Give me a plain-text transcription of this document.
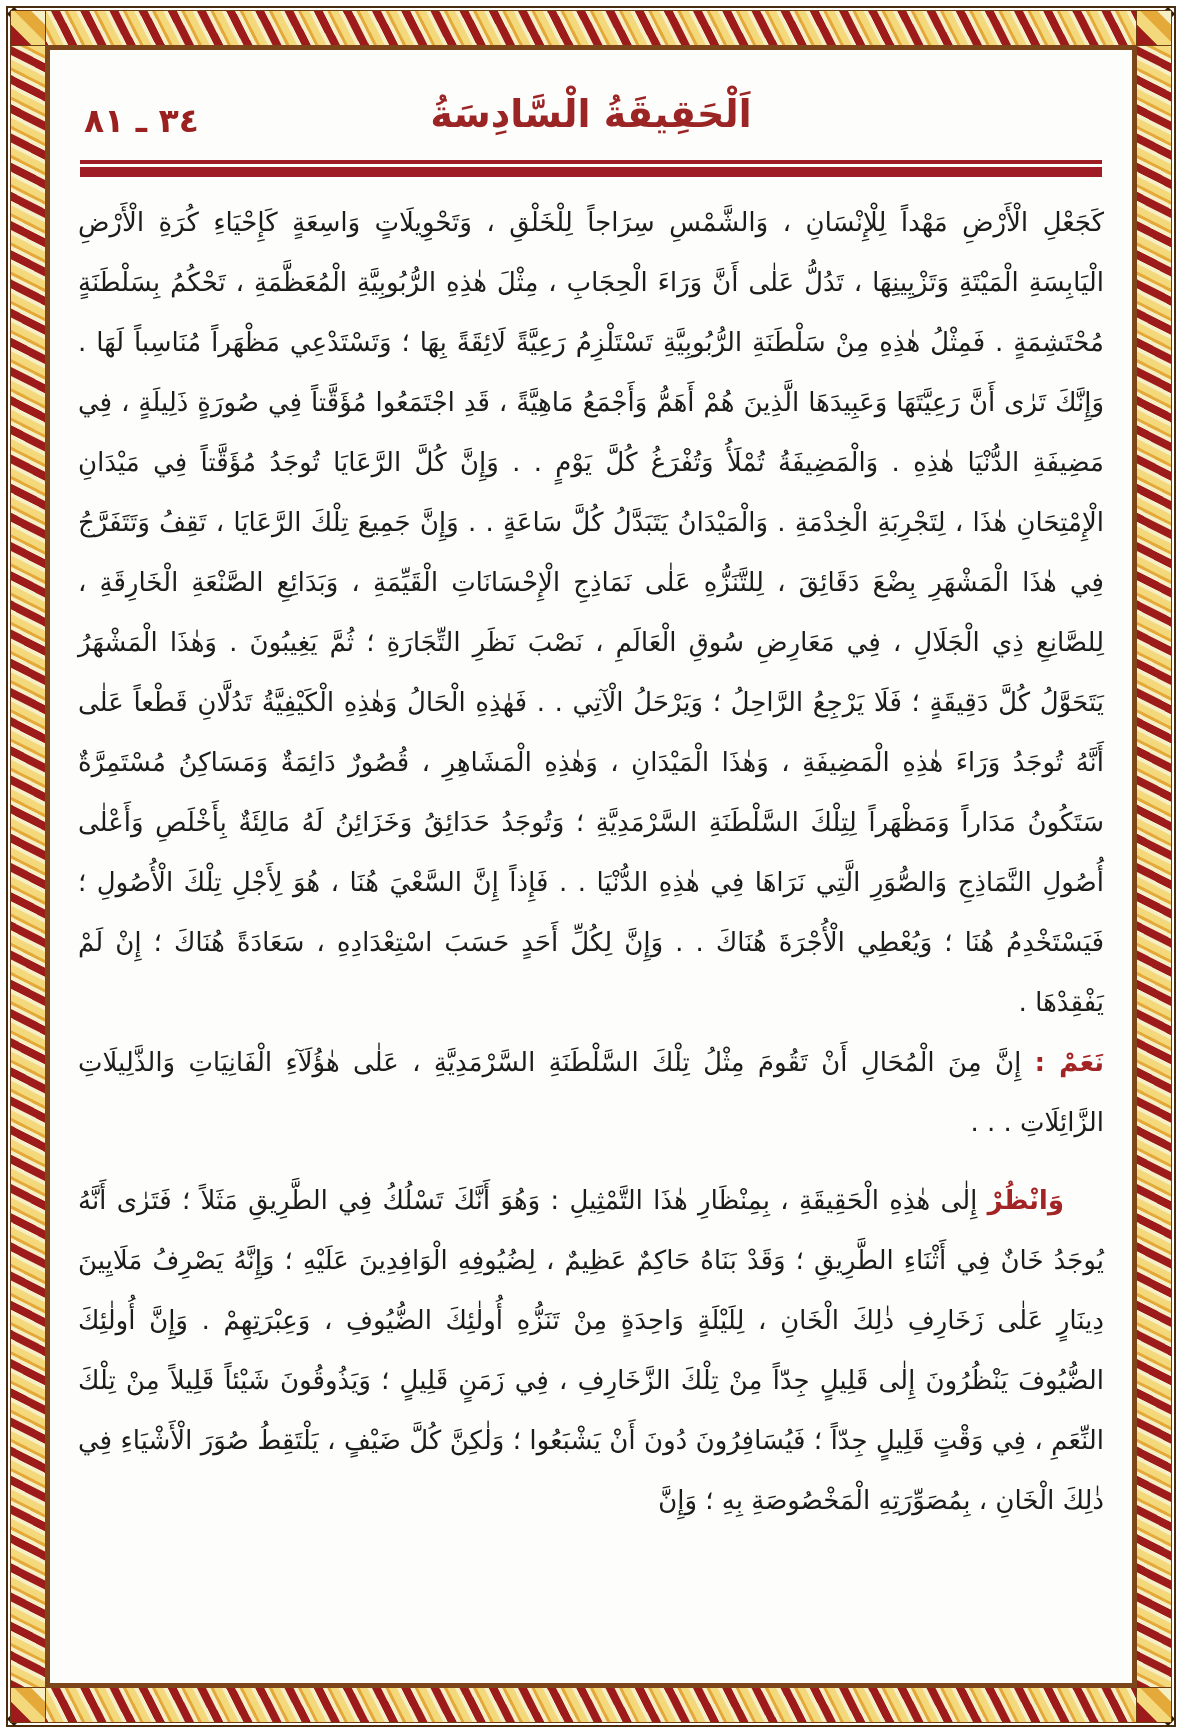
اَلْحَقِيقَةُ الْسَّادِسَةُ
٣٤ ـ ٨١

كَجَعْلِ الْأَرْضِ مَهْداً لِلْإِنْسَانِ ، وَالشَّمْسِ سِرَاجاً لِلْخَلْقِ ، وَتَحْوِيلَاتٍ وَاسِعَةٍ كَإِحْيَاءِ كُرَةِ الْأَرْضِ الْيَابِسَةِ الْمَيْتَةِ وَتَزْيِينِهَا ، تَدُلُّ عَلٰى أَنَّ وَرَاءَ الْحِجَابِ ، مِثْلَ هٰذِهِ الرُّبُوبِيَّةِ الْمُعَظَّمَةِ ، تَحْكُمُ بِسَلْطَنَةٍ مُحْتَشِمَةٍ . فَمِثْلُ هٰذِهِ مِنْ سَلْطَنَةِ الرُّبُوبِيَّةِ تَسْتَلْزِمُ رَعِيَّةً لَائِقَةً بِهَا ؛ وَتَسْتَدْعِي مَظْهَراً مُنَاسِباً لَهَا . وَإِنَّكَ تَرٰى أَنَّ رَعِيَّتَهَا وَعَبِيدَهَا الَّذِينَ هُمْ أَهَمُّ وَأَجْمَعُ مَاهِيَّةً ، قَدِ اجْتَمَعُوا مُؤَقَّتاً فِي صُورَةٍ ذَلِيلَةٍ ، فِي مَضِيفَةِ الدُّنْيَا هٰذِهِ . وَالْمَضِيفَةُ تُمْلَأُ وَتُفْرَغُ كُلَّ يَوْمٍ . . وَإِنَّ كُلَّ الرَّعَايَا تُوجَدُ مُؤَقَّتاً فِي مَيْدَانِ الْإِمْتِحَانِ هٰذَا ، لِتَجْرِبَةِ الْخِدْمَةِ . وَالْمَيْدَانُ يَتَبَدَّلُ كُلَّ سَاعَةٍ . . وَإِنَّ جَمِيعَ تِلْكَ الرَّعَايَا ، تَقِفُ وَتَتَفَرَّجُ فِي هٰذَا الْمَشْهَرِ بِضْعَ دَقَائِقَ ، لِلتَّنَزُّهِ عَلٰى نَمَاذِجِ الْإِحْسَانَاتِ الْقَيِّمَةِ ، وَبَدَائِعِ الصَّنْعَةِ الْخَارِقَةِ ، لِلصَّانِعِ ذِي الْجَلَالِ ، فِي مَعَارِضِ سُوقِ الْعَالَمِ ، نَصْبَ نَظَرِ التِّجَارَةِ ؛ ثُمَّ يَغِيبُونَ . وَهٰذَا الْمَشْهَرُ يَتَحَوَّلُ كُلَّ دَقِيقَةٍ ؛ فَلَا يَرْجِعُ الرَّاحِلُ ؛ وَيَرْحَلُ الْآتِي . . فَهٰذِهِ الْحَالُ وَهٰذِهِ الْكَيْفِيَّةُ تَدُلَّانِ قَطْعاً عَلٰى أَنَّهُ تُوجَدُ وَرَاءَ هٰذِهِ الْمَضِيفَةِ ، وَهٰذَا الْمَيْدَانِ ، وَهٰذِهِ الْمَشَاهِرِ ، قُصُورٌ دَائِمَةٌ وَمَسَاكِنُ مُسْتَمِرَّةٌ سَتَكُونُ مَدَاراً وَمَظْهَراً لِتِلْكَ السَّلْطَنَةِ السَّرْمَدِيَّةِ ؛ وَتُوجَدُ حَدَائِقُ وَخَزَائِنُ لَهُ مَالِئَةٌ بِأَخْلَصِ وَأَعْلٰى أُصُولِ النَّمَاذِجِ وَالصُّوَرِ الَّتِي نَرَاهَا فِي هٰذِهِ الدُّنْيَا . . فَإِذاً إِنَّ السَّعْيَ هُنَا ، هُوَ لِأَجْلِ تِلْكَ الْأُصُولِ ؛ فَيَسْتَخْدِمُ هُنَا ؛ وَيُعْطِي الْأُجْرَةَ هُنَاكَ . . وَإِنَّ لِكُلِّ أَحَدٍ حَسَبَ اسْتِعْدَادِهِ ، سَعَادَةً هُنَاكَ ؛ إِنْ لَمْ يَفْقِدْهَا .

نَعَمْ : إِنَّ مِنَ الْمُحَالِ أَنْ تَقُومَ مِثْلُ تِلْكَ السَّلْطَنَةِ السَّرْمَدِيَّةِ ، عَلٰى هٰؤُلَآءِ الْفَانِيَاتِ وَالذَّلِيلَاتِ الزَّائِلَاتِ . . .

وَانْظُرْ إِلٰى هٰذِهِ الْحَقِيقَةِ ، بِمِنْظَارِ هٰذَا التَّمْثِيلِ : وَهُوَ أَنَّكَ تَسْلُكُ فِي الطَّرِيقِ مَثَلاً ؛ فَتَرٰى أَنَّهُ يُوجَدُ خَانٌ فِي أَثْنَاءِ الطَّرِيقِ ؛ وَقَدْ بَنَاهُ حَاكِمٌ عَظِيمٌ ، لِضُيُوفِهِ الْوَافِدِينَ عَلَيْهِ ؛ وَإِنَّهُ يَصْرِفُ مَلَايِينَ دِينَارٍ عَلٰى زَخَارِفِ ذٰلِكَ الْخَانِ ، لِلَيْلَةٍ وَاحِدَةٍ مِنْ تَنَزُّهِ أُولٰئِكَ الضُّيُوفِ ، وَعِبْرَتِهِمْ . وَإِنَّ أُولٰئِكَ الضُّيُوفَ يَنْظُرُونَ إِلٰى قَلِيلٍ جِدّاً مِنْ تِلْكَ الزَّخَارِفِ ، فِي زَمَنٍ قَلِيلٍ ؛ وَيَذُوقُونَ شَيْئاً قَلِيلاً مِنْ تِلْكَ النِّعَمِ ، فِي وَقْتٍ قَلِيلٍ جِدّاً ؛ فَيُسَافِرُونَ دُونَ أَنْ يَشْبَعُوا ؛ وَلٰكِنَّ كُلَّ ضَيْفٍ ، يَلْتَقِطُ صُوَرَ الْأَشْيَاءِ فِي ذٰلِكَ الْخَانِ ، بِمُصَوِّرَتِهِ الْمَخْصُوصَةِ بِهِ ؛ وَإِنَّ
